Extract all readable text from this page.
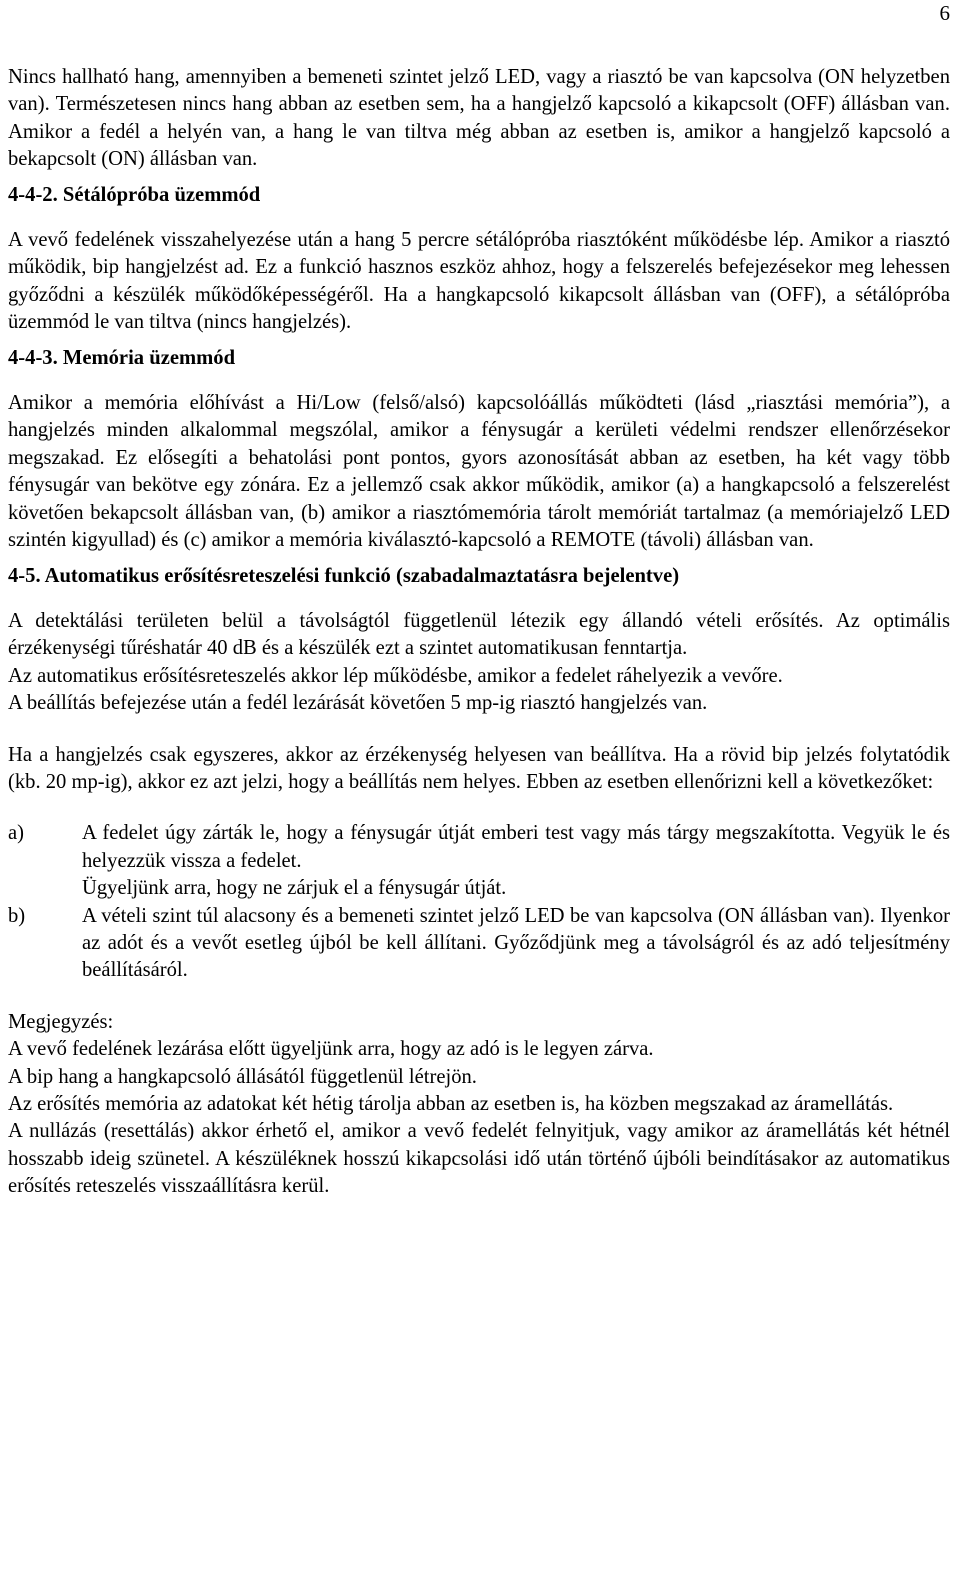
6

Nincs hallható hang, amennyiben a bemeneti szintet jelző LED, vagy a riasztó be van kapcsolva (ON helyzetben van). Természetesen nincs hang abban az esetben sem, ha a hangjelző kapcsoló a kikapcsolt (OFF) állásban van. Amikor a fedél a helyén van, a hang le van tiltva még abban az esetben is, amikor a hangjelző kapcsoló a bekapcsolt (ON) állásban van.

4-4-2. Sétálópróba üzemmód

A vevő fedelének visszahelyezése után a hang 5 percre sétálópróba riasztóként működésbe lép. Amikor a riasztó működik, bip hangjelzést ad. Ez a funkció hasznos eszköz ahhoz, hogy a felszerelés befejezésekor meg lehessen győződni a készülék működőképességéről. Ha a hangkapcsoló kikapcsolt állásban van (OFF), a sétálópróba üzemmód le van tiltva (nincs hangjelzés).

4-4-3. Memória üzemmód

Amikor a memória előhívást a Hi/Low (felső/alsó) kapcsolóállás működteti (lásd „riasztási memória”), a hangjelzés minden alkalommal megszólal, amikor a fénysugár a kerületi védelmi rendszer ellenőrzésekor megszakad. Ez elősegíti a behatolási pont pontos, gyors azonosítását abban az esetben, ha két vagy több fénysugár van bekötve egy zónára. Ez a jellemző csak akkor működik, amikor (a) a hangkapcsoló a felszerelést követően bekapcsolt állásban van, (b) amikor a riasztómemória tárolt memóriát tartalmaz (a memóriajelző LED szintén kigyullad) és (c) amikor a memória kiválasztó-kapcsoló a REMOTE (távoli) állásban van.

4-5. Automatikus erősítésreteszelési funkció (szabadalmaztatásra bejelentve)

A detektálási területen belül a távolságtól függetlenül létezik egy állandó vételi erősítés. Az optimális érzékenységi tűréshatár 40 dB és a készülék ezt a szintet automatikusan fenntartja.

Az automatikus erősítésreteszelés akkor lép működésbe, amikor a fedelet ráhelyezik a vevőre.

A beállítás befejezése után a fedél lezárását követően 5 mp-ig riasztó hangjelzés van.

Ha a hangjelzés csak egyszeres, akkor az érzékenység helyesen van beállítva. Ha a rövid bip jelzés folytatódik (kb. 20 mp-ig), akkor ez azt jelzi, hogy a beállítás nem helyes. Ebben az esetben ellenőrizni kell a következőket:

a)	A fedelet úgy zárták le, hogy a fénysugár útját emberi test vagy más tárgy megszakította. Vegyük le és helyezzük vissza a fedelet.

Ügyeljünk arra, hogy ne zárjuk el a fénysugár útját.

b)	A vételi szint túl alacsony és a bemeneti szintet jelző LED be van kapcsolva (ON állásban van). Ilyenkor az adót és a vevőt esetleg újból be kell állítani. Győződjünk meg a távolságról és az adó teljesítmény beállításáról.

Megjegyzés:

A vevő fedelének lezárása előtt ügyeljünk arra, hogy az adó is le legyen zárva.

A bip hang a hangkapcsoló állásától függetlenül létrejön.

Az erősítés memória az adatokat két hétig tárolja abban az esetben is, ha közben megszakad az áramellátás.

A nullázás (resettálás) akkor érhető el, amikor a vevő fedelét felnyitjuk, vagy amikor az áramellátás két hétnél hosszabb ideig szünetel. A készüléknek hosszú kikapcsolási idő után történő újbóli beindításakor az automatikus erősítés reteszelés visszaállításra kerül.
